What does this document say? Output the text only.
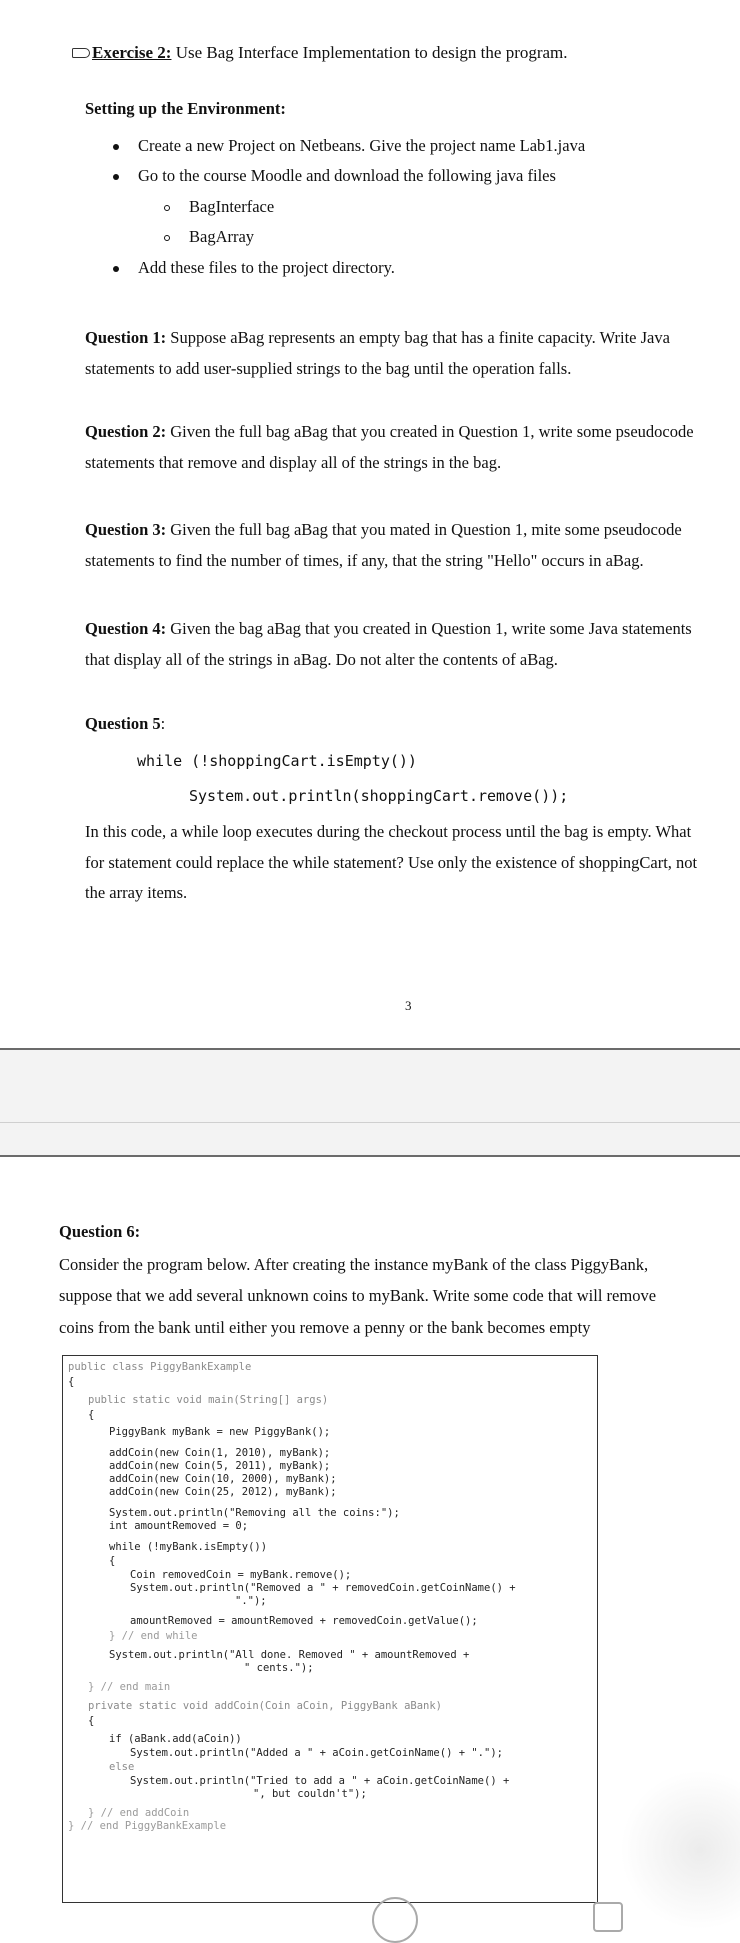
Exercise 2: Use Bag Interface Implementation to design the program.
Setting up the Environment:
Create a new Project on Netbeans. Give the project name Lab1.java
Go to the course Moodle and download the following java files
BagInterface
BagArray
Add these files to the project directory.
Question 1: Suppose aBag represents an empty bag that has a finite capacity. Write Java
statements to add user-supplied strings to the bag until the operation falls.
Question 2: Given the full bag aBag that you created in Question 1, write some pseudocode
statements that remove and display all of the strings in the bag.
Question 3: Given the full bag aBag that you mated in Question 1, mite some pseudocode
statements to find the number of times, if any, that the string "Hello" occurs in aBag.
Question 4: Given the bag aBag that you created in Question 1, write some Java statements
that display all of the strings in aBag. Do not alter the contents of aBag.
Question 5:
while (!shoppingCart.isEmpty())
System.out.println(shoppingCart.remove());
In this code, a while loop executes during the checkout process until the bag is empty. What
for statement could replace the while statement? Use only the existence of shoppingCart, not
the array items.
3
Question 6:
Consider the program below. After creating the instance myBank of the class PiggyBank,
suppose that we add several unknown coins to myBank. Write some code that will remove
coins from the bank until either you remove a penny or the bank becomes empty
public class PiggyBankExample
{
public static void main(String[] args)
{
PiggyBank myBank = new PiggyBank();
addCoin(new Coin(1, 2010), myBank);
addCoin(new Coin(5, 2011), myBank);
addCoin(new Coin(10, 2000), myBank);
addCoin(new Coin(25, 2012), myBank);
System.out.println("Removing all the coins:");
int amountRemoved = 0;
while (!myBank.isEmpty())
{
Coin removedCoin = myBank.remove();
System.out.println("Removed a " + removedCoin.getCoinName() +
".");
amountRemoved = amountRemoved + removedCoin.getValue();
} // end while
System.out.println("All done. Removed " + amountRemoved +
" cents.");
} // end main
private static void addCoin(Coin aCoin, PiggyBank aBank)
{
if (aBank.add(aCoin))
System.out.println("Added a " + aCoin.getCoinName() + ".");
else
System.out.println("Tried to add a " + aCoin.getCoinName() +
", but couldn't");
} // end addCoin
} // end PiggyBankExample
